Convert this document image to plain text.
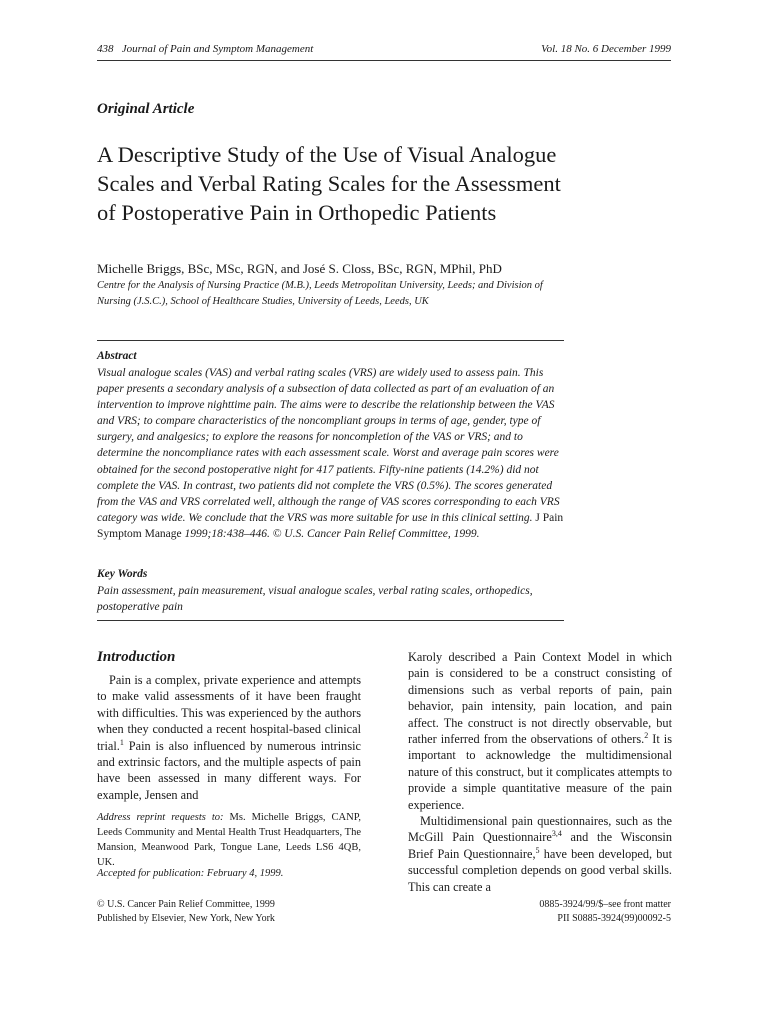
438 Journal of Pain and Symptom Management	Vol. 18 No. 6 December 1999
Original Article
A Descriptive Study of the Use of Visual Analogue Scales and Verbal Rating Scales for the Assessment of Postoperative Pain in Orthopedic Patients
Michelle Briggs, BSc, MSc, RGN, and José S. Closs, BSc, RGN, MPhil, PhD
Centre for the Analysis of Nursing Practice (M.B.), Leeds Metropolitan University, Leeds; and Division of Nursing (J.S.C.), School of Healthcare Studies, University of Leeds, Leeds, UK
Abstract
Visual analogue scales (VAS) and verbal rating scales (VRS) are widely used to assess pain. This paper presents a secondary analysis of a subsection of data collected as part of an evaluation of an intervention to improve nighttime pain. The aims were to describe the relationship between the VAS and VRS; to compare characteristics of the noncompliant groups in terms of age, gender, type of surgery, and analgesics; to explore the reasons for noncompletion of the VAS or VRS; and to determine the noncompliance rates with each assessment scale. Worst and average pain scores were obtained for the second postoperative night for 417 patients. Fifty-nine patients (14.2%) did not complete the VAS. In contrast, two patients did not complete the VRS (0.5%). The scores generated from the VAS and VRS correlated well, although the range of VAS scores corresponding to each VRS category was wide. We conclude that the VRS was more suitable for use in this clinical setting. J Pain Symptom Manage 1999;18:438–446. © U.S. Cancer Pain Relief Committee, 1999.
Key Words
Pain assessment, pain measurement, visual analogue scales, verbal rating scales, orthopedics, postoperative pain
Introduction

Pain is a complex, private experience and attempts to make valid assessments of it have been fraught with difficulties. This was experienced by the authors when they conducted a recent hospital-based clinical trial.$^1$ Pain is also influenced by numerous intrinsic and extrinsic factors, and the multiple aspects of pain have been assessed in many different ways. For example, Jensen and

Address reprint requests to: Ms. Michelle Briggs, CANP, Leeds Community and Mental Health Trust Headquarters, The Mansion, Meanwood Park, Tongue Lane, Leeds LS6 4QB, UK.
Accepted for publication: February 4, 1999.

Karoly described a Pain Context Model in which pain is considered to be a construct consisting of dimensions such as verbal reports of pain, pain behavior, pain intensity, pain location, and pain affect. The construct is not directly observable, but rather inferred from the observations of others.$^2$ It is important to acknowledge the multidimensional nature of this construct, but it complicates attempts to provide a simple quantitative measure of the pain experience.

Multidimensional pain questionnaires, such as the McGill Pain Questionnaire$^{3,4}$ and the Wisconsin Brief Pain Questionnaire,$^5$ have been developed, but successful completion depends on good verbal skills. This can create a

© U.S. Cancer Pain Relief Committee, 1999
Published by Elsevier, New York, New York
0885-3924/99/$–see front matter
PII S0885-3924(99)00092-5
